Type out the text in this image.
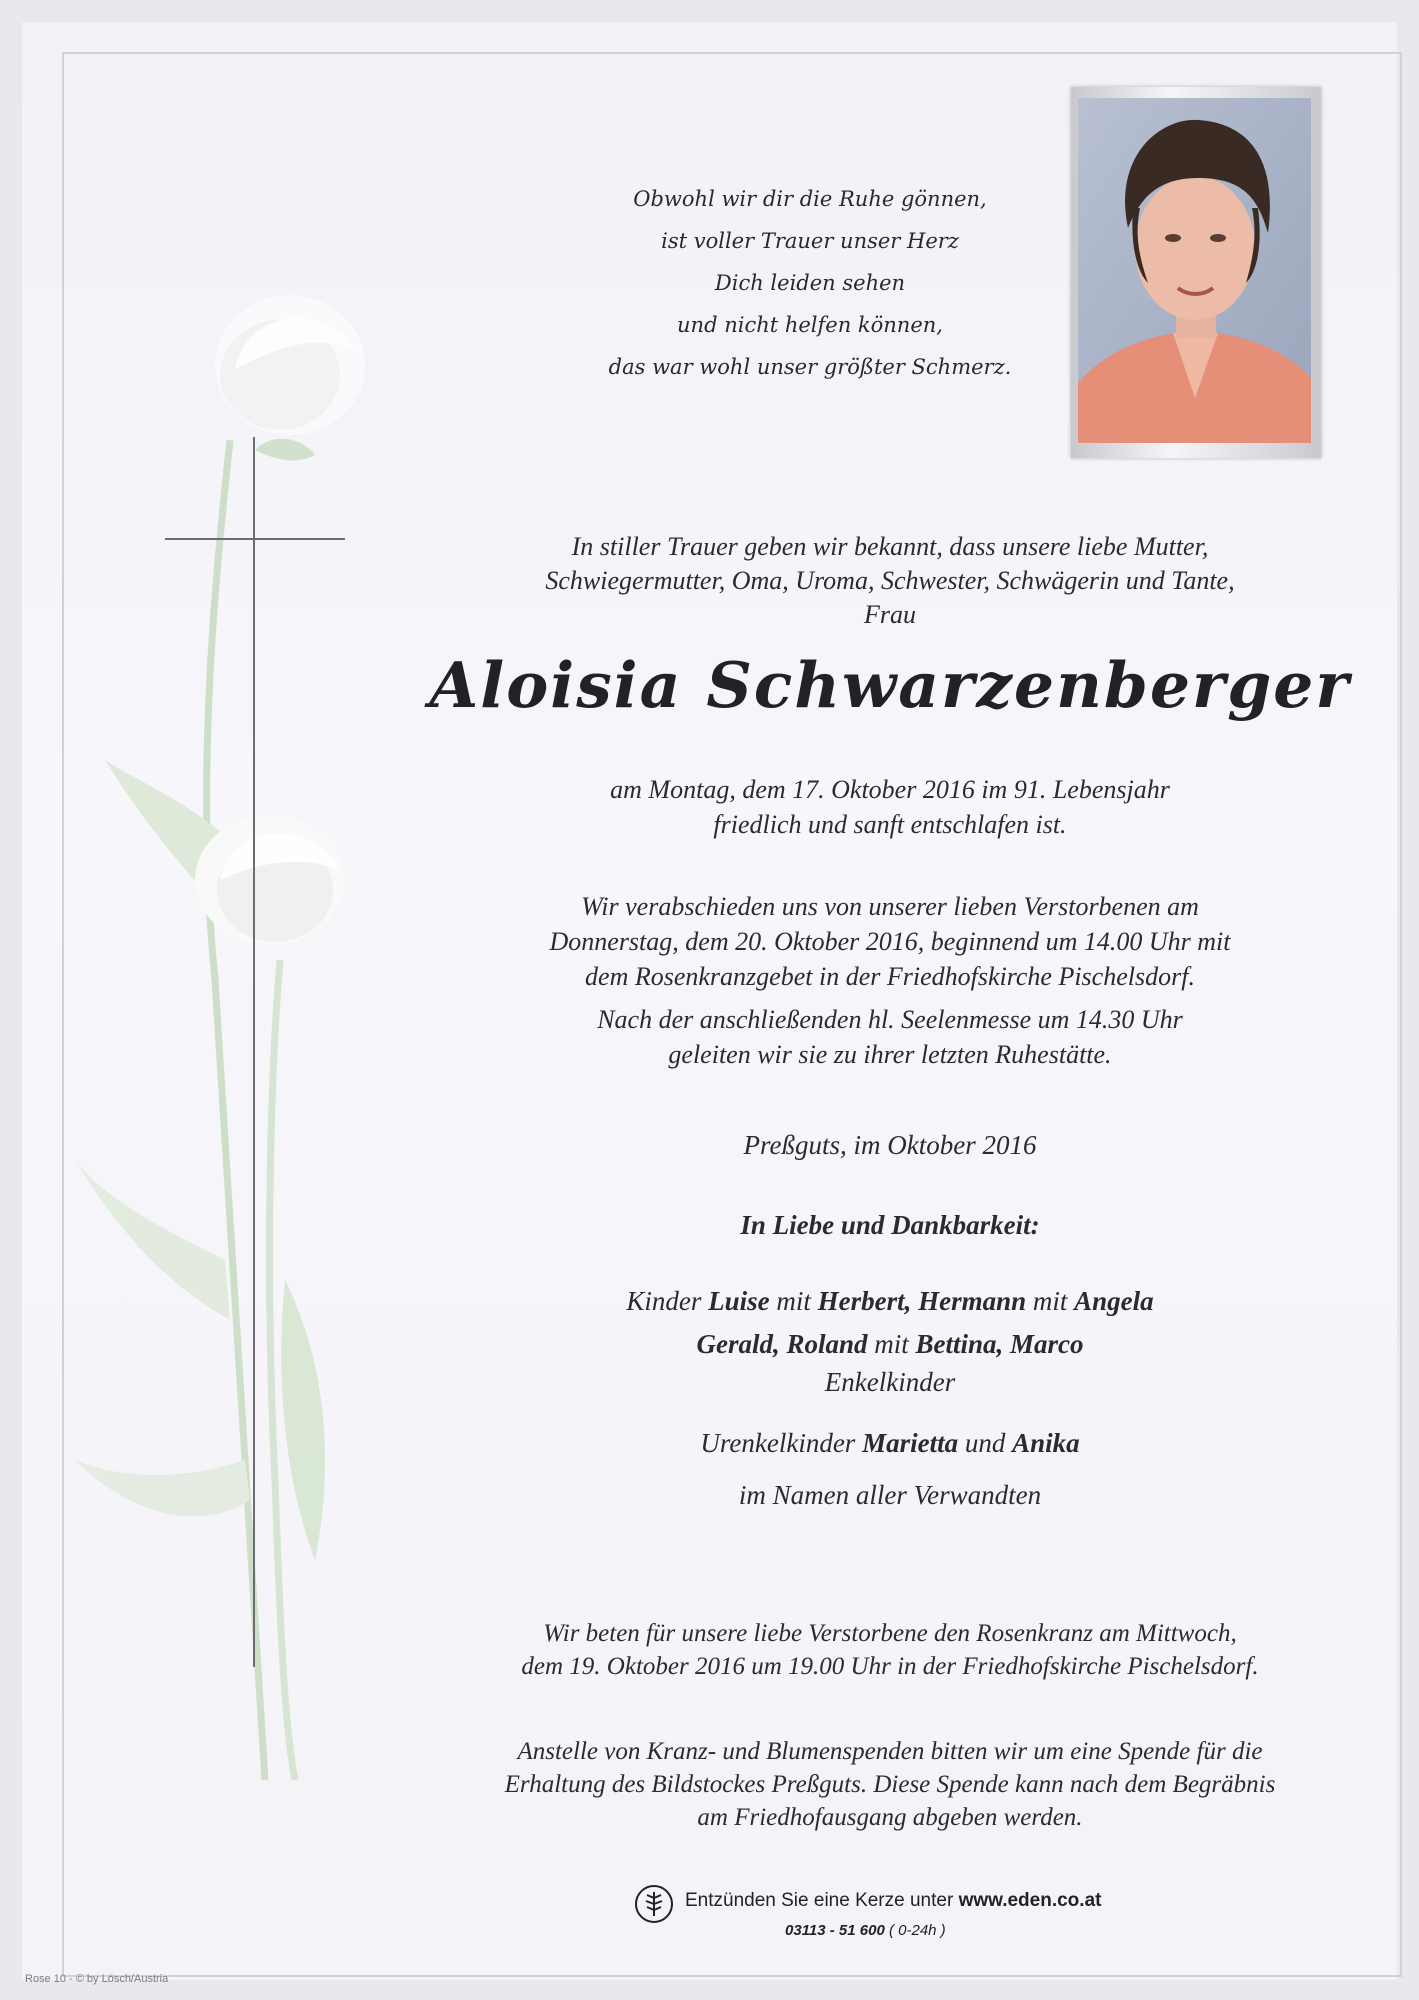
Obwohl wir dir die Ruhe gönnen,
ist voller Trauer unser Herz
Dich leiden sehen
und nicht helfen können,
das war wohl unser größter Schmerz.
In stiller Trauer geben wir bekannt, dass unsere liebe Mutter,
Schwiegermutter, Oma, Uroma, Schwester, Schwägerin und Tante,
Frau
Aloisia Schwarzenberger
am Montag, dem 17. Oktober 2016 im 91. Lebensjahr
friedlich und sanft entschlafen ist.
Wir verabschieden uns von unserer lieben Verstorbenen am
Donnerstag, dem 20. Oktober 2016, beginnend um 14.00 Uhr mit
dem Rosenkranzgebet in der Friedhofskirche Pischelsdorf.
Nach der anschließenden hl. Seelenmesse um 14.30 Uhr
geleiten wir sie zu ihrer letzten Ruhestätte.
Preßguts, im Oktober 2016
In Liebe und Dankbarkeit:
Kinder Luise mit Herbert, Hermann mit Angela
Gerald, Roland mit Bettina, Marco
Enkelkinder
Urenkelkinder Marietta und Anika
im Namen aller Verwandten
Wir beten für unsere liebe Verstorbene den Rosenkranz am Mittwoch,
dem 19. Oktober 2016 um 19.00 Uhr in der Friedhofskirche Pischelsdorf.
Anstelle von Kranz- und Blumenspenden bitten wir um eine Spende für die
Erhaltung des Bildstockes Preßguts. Diese Spende kann nach dem Begräbnis
am Friedhofausgang abgeben werden.
Entzünden Sie eine Kerze unter www.eden.co.at
03113 - 51 600 ( 0-24h )
Rose 10 - © by Lösch/Austria
